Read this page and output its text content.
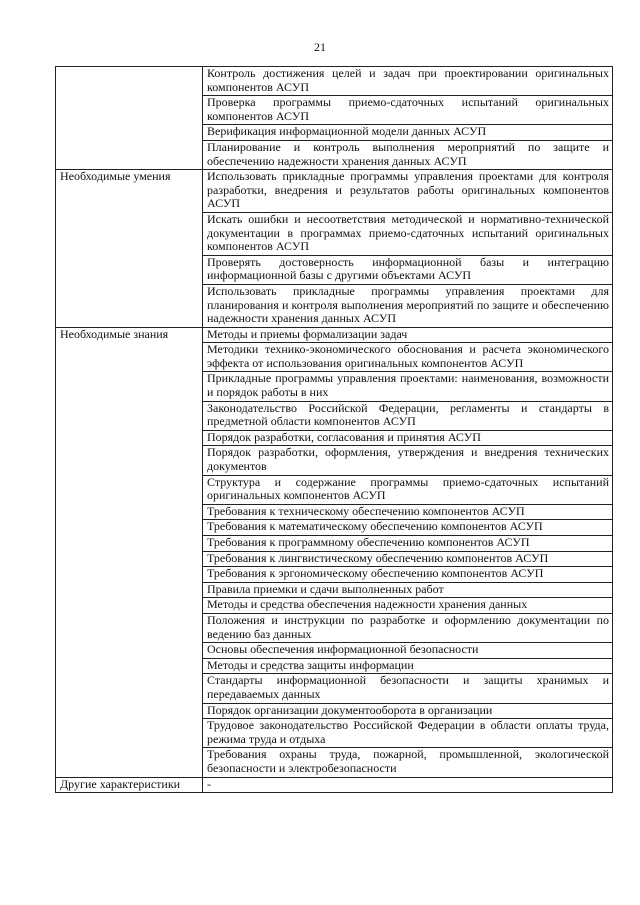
21
	Контроль достижения целей и задач при проектировании оригинальных компонентов АСУП
	Проверка программы приемо-сдаточных испытаний оригинальных компонентов АСУП
	Верификация информационной модели данных АСУП
	Планирование и контроль выполнения мероприятий по защите и обеспечению надежности хранения данных АСУП
Необходимые умения	Использовать прикладные программы управления проектами для контроля разработки, внедрения и результатов работы оригинальных компонентов АСУП
	Искать ошибки и несоответствия методической и нормативно-технической документации в программах приемо-сдаточных испытаний оригинальных компонентов АСУП
	Проверять достоверность информационной базы и интеграцию информационной базы с другими объектами АСУП
	Использовать прикладные программы управления проектами для планирования и контроля выполнения мероприятий по защите и обеспечению надежности хранения данных АСУП
Необходимые знания	Методы и приемы формализации задач
	Методики технико-экономического обоснования и расчета экономического эффекта от использования оригинальных компонентов АСУП
	Прикладные программы управления проектами: наименования, возможности и порядок работы в них
	Законодательство Российской Федерации, регламенты и стандарты в предметной области компонентов АСУП
	Порядок разработки, согласования и принятия АСУП
	Порядок разработки, оформления, утверждения и внедрения технических документов
	Структура и содержание программы приемо-сдаточных испытаний оригинальных компонентов АСУП
	Требования к техническому обеспечению компонентов АСУП
	Требования к математическому обеспечению компонентов АСУП
	Требования к программному обеспечению компонентов АСУП
	Требования к лингвистическому обеспечению компонентов АСУП
	Требования к эргономическому обеспечению компонентов АСУП
	Правила приемки и сдачи выполненных работ
	Методы и средства обеспечения надежности хранения данных
	Положения и инструкции по разработке и оформлению документации по ведению баз данных
	Основы обеспечения информационной безопасности
	Методы и средства защиты информации
	Стандарты информационной безопасности и защиты хранимых и передаваемых данных
	Порядок организации документооборота в организации
	Трудовое законодательство Российской Федерации в области оплаты труда, режима труда и отдыха
	Требования охраны труда, пожарной, промышленной, экологической безопасности и электробезопасности
Другие характеристики	-
